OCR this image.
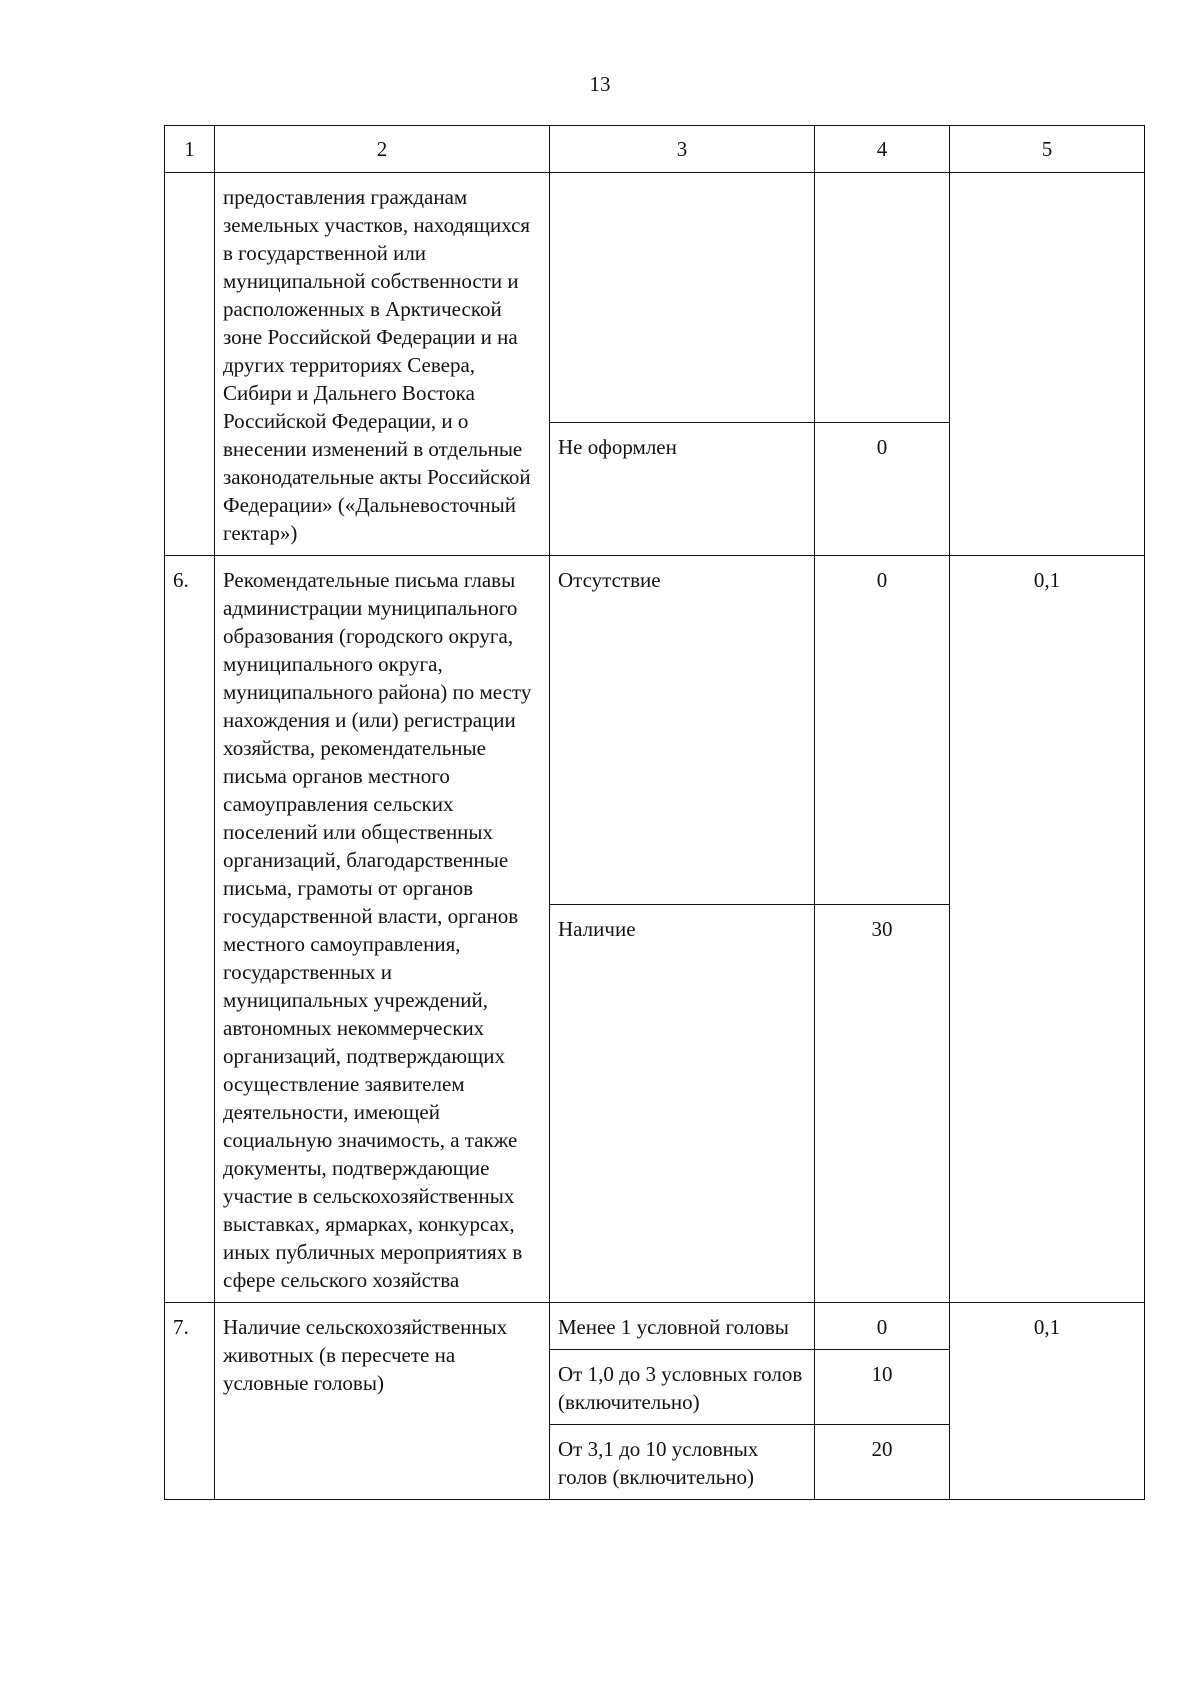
13
1	2	3	4	5
	предоставления гражданам земельных участков, находящихся в государственной или муниципальной собственности и расположенных в Арктической зоне Российской Федерации и на других территориях Севера, Сибири и Дальнего Востока Российской Федерации, и о внесении изменений в отдельные законодательные акты Российской Федерации» («Дальневосточный гектар»)			
		Не оформлен	0	
6.	Рекомендательные письма главы администрации муниципального образования (городского округа, муниципального округа, муниципального района) по месту нахождения и (или) регистрации хозяйства, рекомендательные письма органов местного самоуправления сельских поселений или общественных организаций, благодарственные письма, грамоты от органов государственной власти, органов местного самоуправления, государственных и муниципальных учреждений, автономных некоммерческих организаций, подтверждающих осуществление заявителем деятельности, имеющей социальную значимость, а также документы, подтверждающие участие в сельскохозяйственных выставках, ярмарках, конкурсах, иных публичных мероприятиях в сфере сельского хозяйства	Отсутствие	0	0,1
		Наличие	30	
7.	Наличие сельскохозяйственных животных (в пересчете на условные головы)	Менее 1 условной головы	0	0,1
		От 1,0 до 3 условных голов (включительно)	10	
		От 3,1 до 10 условных голов (включительно)	20	
